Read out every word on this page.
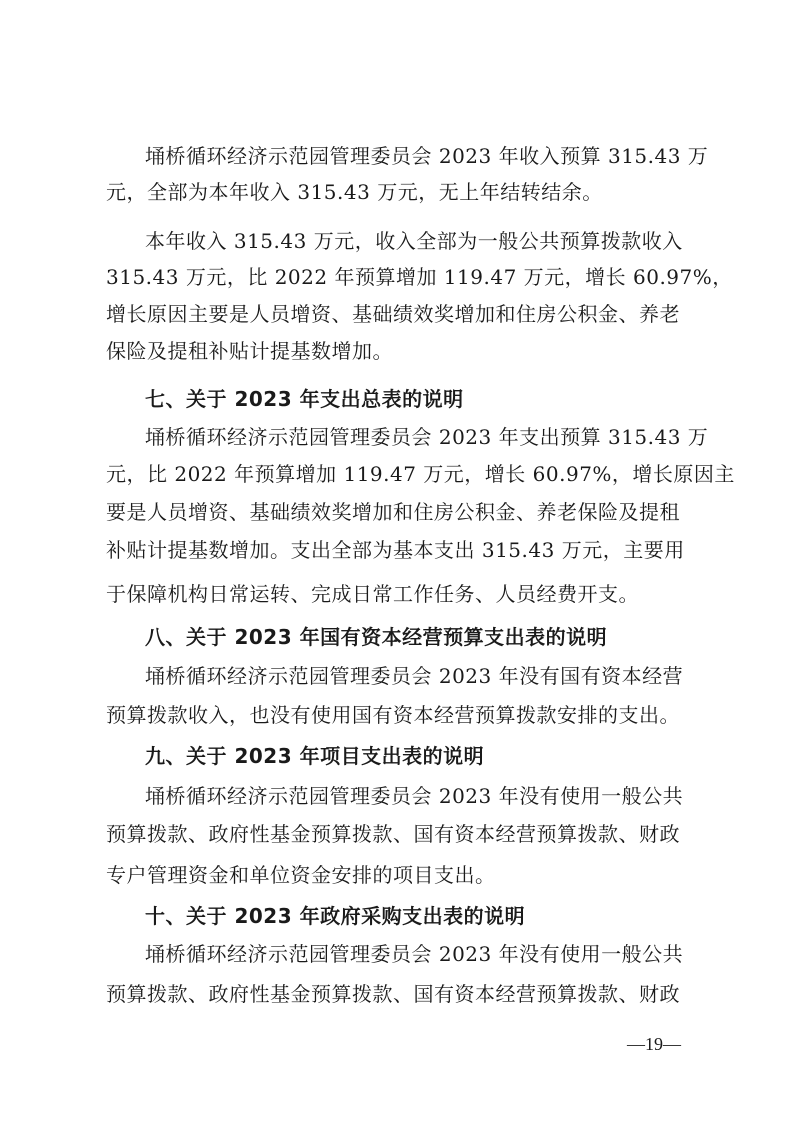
埇桥循环经济示范园管理委员会 2023 年收入预算 315.43 万
元，全部为本年收入 315.43 万元，无上年结转结余。
本年收入 315.43 万元，收入全部为一般公共预算拨款收入
315.43 万元，比 2022 年预算增加 119.47 万元，增长 60.97%，
增长原因主要是人员增资、基础绩效奖增加和住房公积金、养老
保险及提租补贴计提基数增加。
七、关于 2023 年支出总表的说明
埇桥循环经济示范园管理委员会 2023 年支出预算 315.43 万
元，比 2022 年预算增加 119.47 万元，增长 60.97%，增长原因主
要是人员增资、基础绩效奖增加和住房公积金、养老保险及提租
补贴计提基数增加。支出全部为基本支出 315.43 万元，主要用
于保障机构日常运转、完成日常工作任务、人员经费开支。
八、关于 2023 年国有资本经营预算支出表的说明
埇桥循环经济示范园管理委员会 2023 年没有国有资本经营
预算拨款收入，也没有使用国有资本经营预算拨款安排的支出。
九、关于 2023 年项目支出表的说明
埇桥循环经济示范园管理委员会 2023 年没有使用一般公共
预算拨款、政府性基金预算拨款、国有资本经营预算拨款、财政
专户管理资金和单位资金安排的项目支出。
十、关于 2023 年政府采购支出表的说明
埇桥循环经济示范园管理委员会 2023 年没有使用一般公共
预算拨款、政府性基金预算拨款、国有资本经营预算拨款、财政
—19—
